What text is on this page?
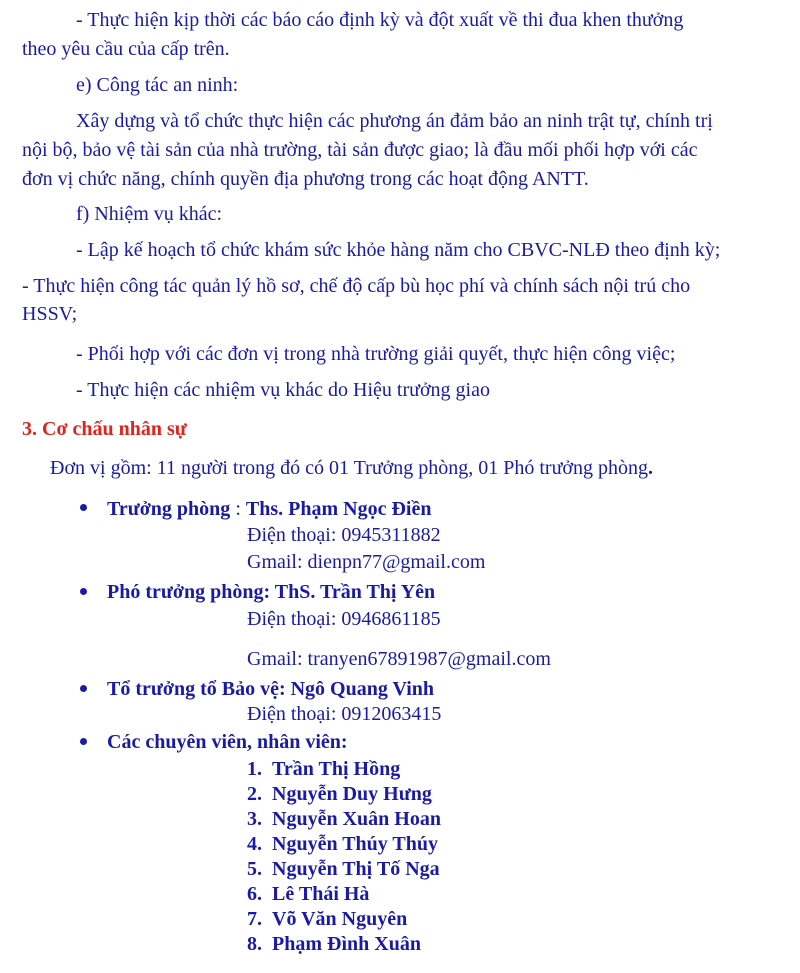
- Thực hiện kịp thời các báo cáo định kỳ và đột xuất về thi đua khen thưởng
theo yêu cầu của cấp trên.
e) Công tác an ninh:
Xây dựng và tổ chức thực hiện các phương án đảm bảo an ninh trật tự, chính trị
nội bộ, bảo vệ tài sản của nhà trường, tài sản được giao; là đầu mối phối hợp với các
đơn vị chức năng, chính quyền địa phương trong các hoạt động ANTT.
f) Nhiệm vụ khác:
- Lập kế hoạch tổ chức khám sức khỏe hàng năm cho CBVC-NLĐ theo định kỳ;
- Thực hiện công tác quản lý hồ sơ, chế độ cấp bù học phí và chính sách nội trú cho
HSSV;
- Phối hợp với các đơn vị trong nhà trường giải quyết, thực hiện công việc;
- Thực hiện các nhiệm vụ khác do Hiệu trưởng giao
3. Cơ chấu nhân sự
Đơn vị gồm: 11 người trong đó có 01 Trưởng phòng, 01 Phó trưởng phòng.
Trưởng phòng : Ths. Phạm Ngọc Điền
Điện thoại: 0945311882
Gmail: dienpn77@gmail.com
Phó trưởng phòng: ThS. Trần Thị Yên
Điện thoại: 0946861185
Gmail: tranyen67891987@gmail.com
Tổ trưởng tổ Bảo vệ: Ngô Quang Vinh
Điện thoại: 0912063415
Các chuyên viên, nhân viên:
1. Trần Thị Hồng
2. Nguyễn Duy Hưng
3. Nguyễn Xuân Hoan
4. Nguyễn Thúy Thúy
5. Nguyễn Thị Tố Nga
6. Lê Thái Hà
7. Võ Văn Nguyên
8. Phạm Đình Xuân
